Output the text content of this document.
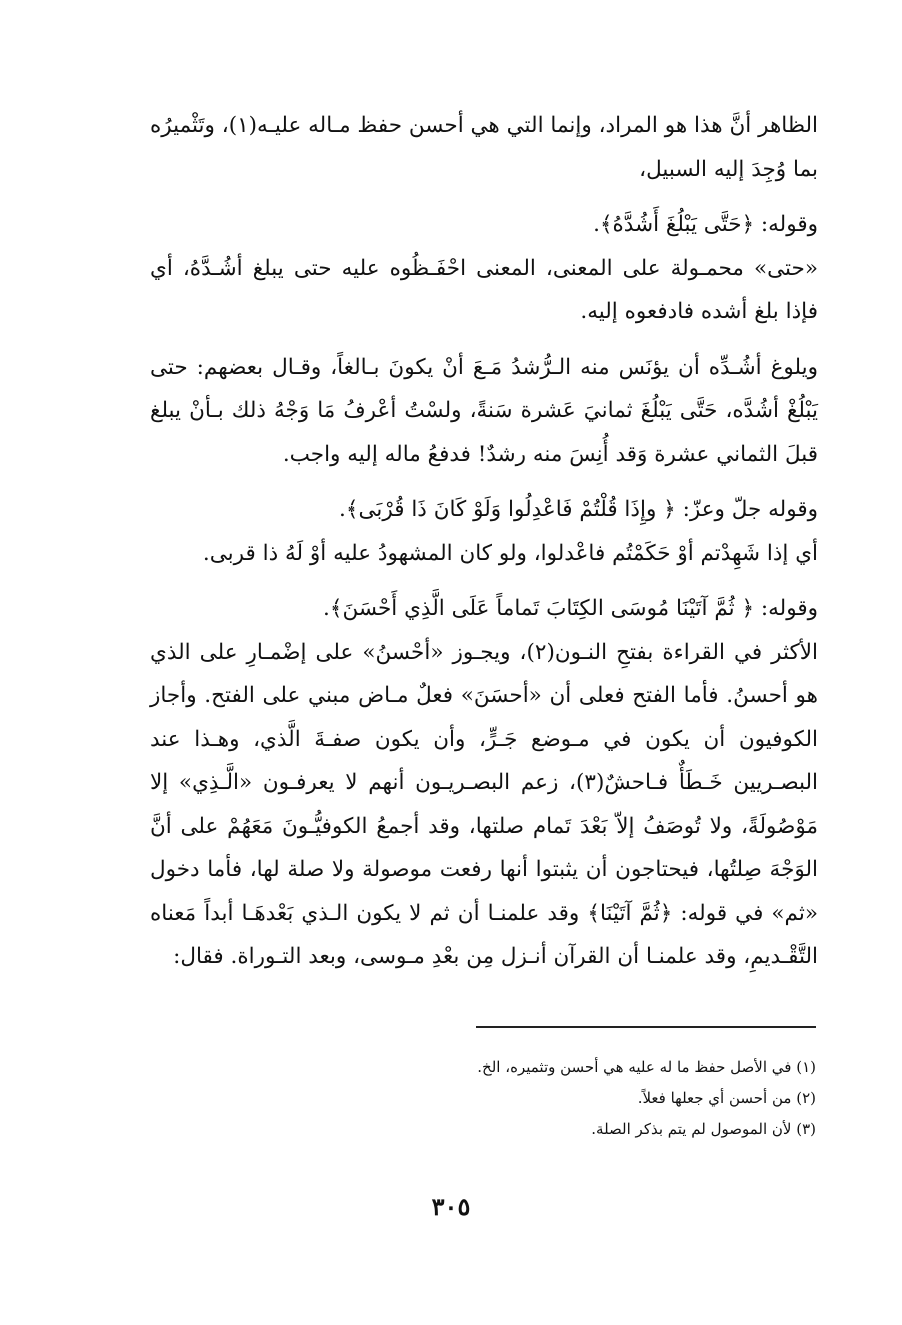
الظاهر أنَّ هذا هو المراد، وإنما التي هي أحسن حفظ مـاله عليـه(١)، وتَثْميرُه بما وُجِدَ إليه السبيل،

وقوله: ﴿حَتَّى يَبْلُغَ أَشُدَّهُ﴾.

«حتى» محمـولة على المعنى، المعنى احْفَـظُوه عليه حتى يبلغ أشُـدَّهُ، أي فإذا بلغ أشده فادفعوه إليه.

ويلوغ أشُـدِّه أن يؤنَس منه الـرُّشدُ مَـعَ أنْ يكونَ بـالغاً، وقـال بعضهم: حتى يَبْلُغْ أشُدَّه، حَتَّى يَبْلُغَ ثمانيَ عَشرة سَنةً، ولسْتُ أعْرفُ مَا وَجْهُ ذلك بـأنْ يبلغ قبلَ الثماني عشرة وَقد أُنِسَ منه رشدٌ! فدفعُ ماله إليه واجب.

وقوله جلّ وعزّ: ﴿ وإِذَا قُلْتُمْ فَاعْدِلُوا وَلَوْ كَانَ ذَا قُرْبَى﴾.

أي إذا شَهِدْتم أوْ حَكَمْتُم فاعْدلوا، ولو كان المشهودُ عليه أوْ لَهُ ذا قربى.

وقوله: ﴿ ثُمَّ آتَيْنَا مُوسَى الكِتَابَ تَماماً عَلَى الَّذِي أَحْسَنَ﴾.

الأكثر في القراءة بفتحِ النـون(٢)، ويجـوز «أحْسنُ» على إضْمـارِ على الذي هو أحسنُ. فأما الفتح فعلى أن «أحسَنَ» فعلٌ مـاض مبني على الفتح. وأجاز الكوفيون أن يكون في مـوضع جَـرٍّ، وأن يكون صفـةَ الَّذي، وهـذا عند البصـريين خَـطَأٌ فـاحشٌ(٣)، زعم البصـريـون أنهم لا يعرفـون «الَّـذِي» إلا مَوْصُولَةً، ولا تُوصَفُ إلاّ بَعْدَ تَمام صلتها، وقد أجمعُ الكوفيُّـونَ مَعَهُمْ على أنَّ الوَجْهَ صِلتُها، فيحتاجون أن يثبتوا أنها رفعت موصولة ولا صلة لها، فأما دخول «ثم» في قوله: ﴿ثُمَّ آتَيْنَا﴾ وقد علمنـا أن ثم لا يكون الـذي بَعْدهَـا أبداً مَعناه التَّقْـديمِ، وقد علمنـا أن القرآن أنـزل مِن بعْدِ مـوسى، وبعد التـوراة. فقال:

(١) في الأصل حفظ ما له عليه هي أحسن وتثميره، الخ.

(٢) من أحسن أي جعلها فعلاً.

(٣) لأن الموصول لم يتم بذكر الصلة.

٣٠٥
